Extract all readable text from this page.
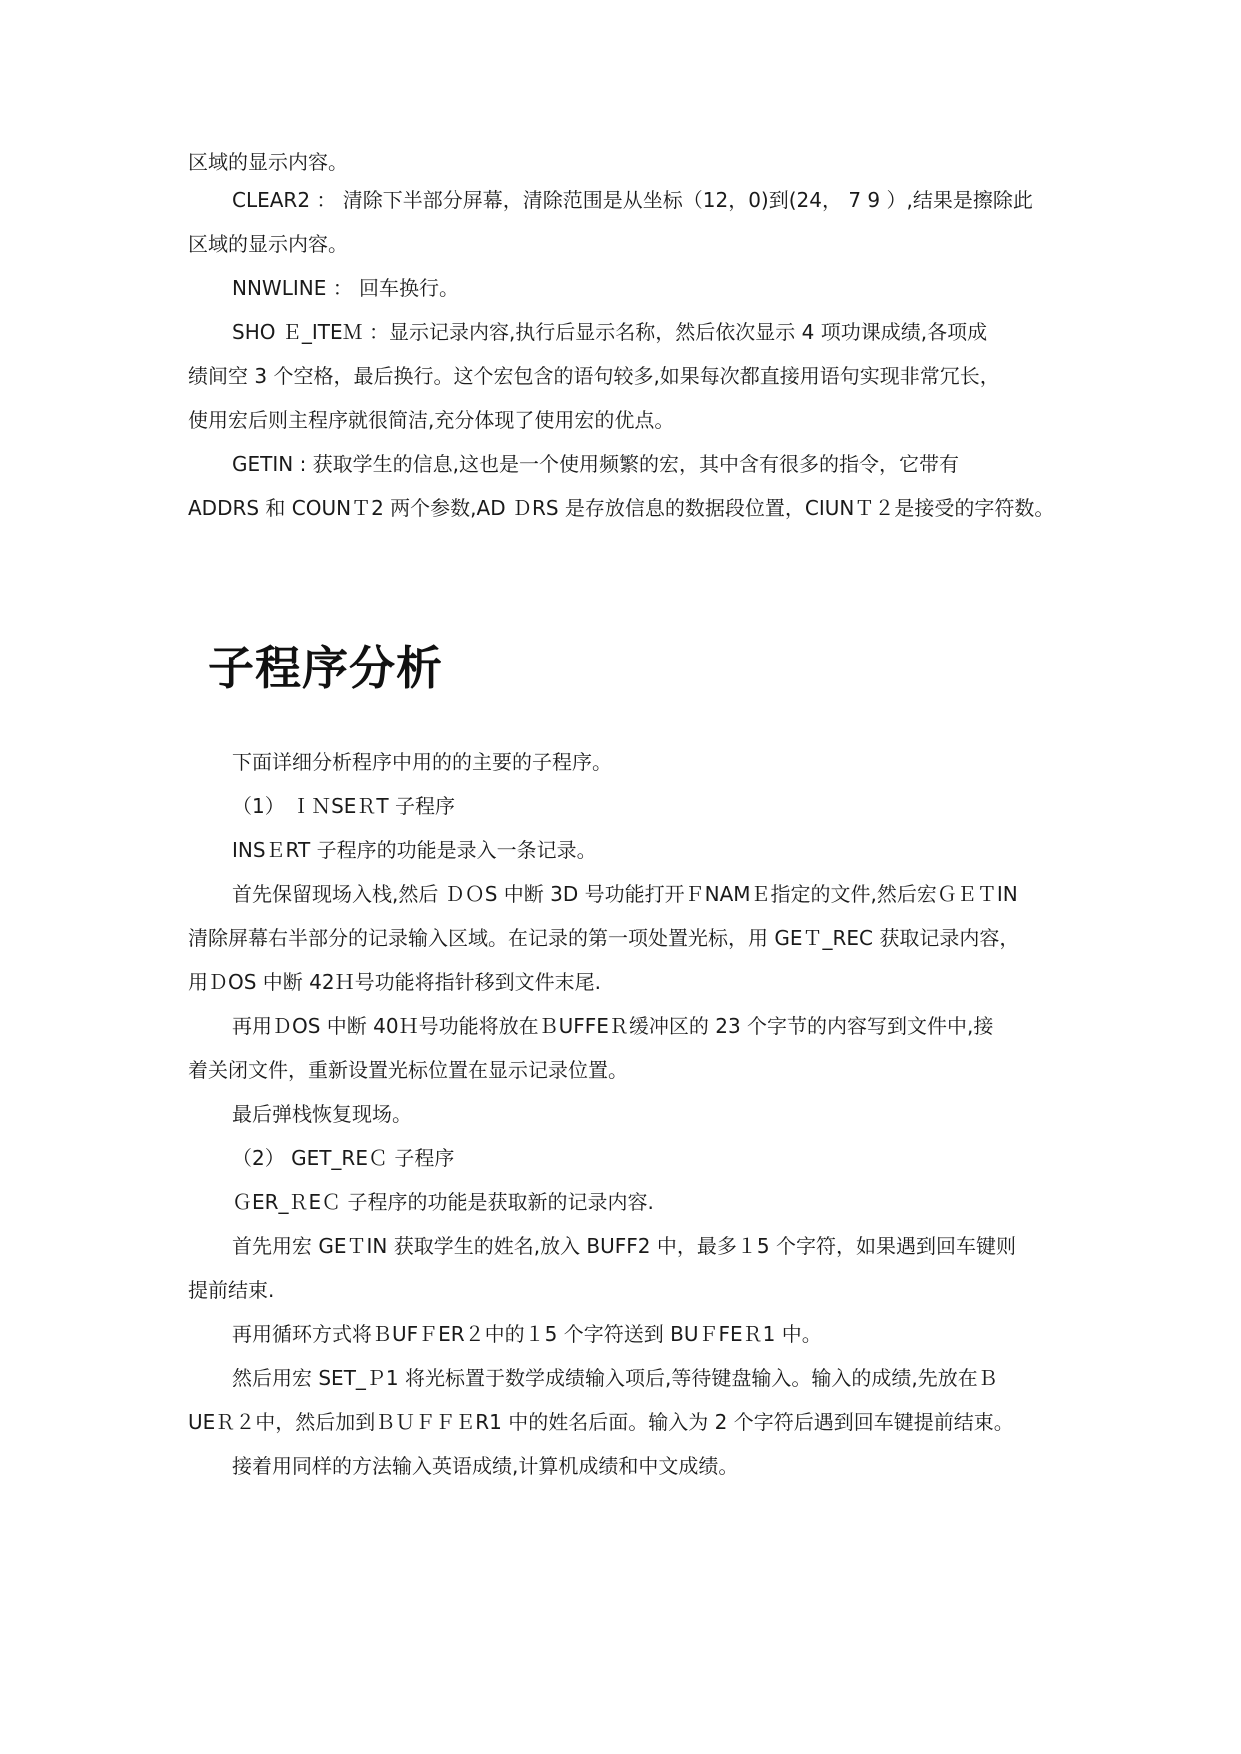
区域的显示内容。
CLEAR2 ： 清除下半部分屏幕，清除范围是从坐标（12，0)到(24， 7 9 ）,结果是擦除此
区域的显示内容。
NNWLINE ： 回车换行。
SHO Ｅ_ITEＭ ：显示记录内容,执行后显示名称，然后依次显示 4 项功课成绩,各项成
绩间空 3 个空格，最后换行。这个宏包含的语句较多,如果每次都直接用语句实现非常冗长，
使用宏后则主程序就很简洁,充分体现了使用宏的优点。
GETIN : 获取学生的信息,这也是一个使用频繁的宏，其中含有很多的指令，它带有
ADDRS 和 COUNＴ2 两个参数,AD ＤRS 是存放信息的数据段位置，CIUNＴ２是接受的字符数。
子程序分析
下面详细分析程序中用的的主要的子程序。
（1） ＩＮSEＲT 子程序
INSＥRT 子程序的功能是录入一条记录。
首先保留现场入栈,然后 ＤＯS 中断 3D 号功能打开ＦNAMＥ指定的文件,然后宏ＧＥＴIN
清除屏幕右半部分的记录输入区域。在记录的第一项处置光标，用 GEＴ_REC 获取记录内容，
用ＤOS 中断 42Ｈ号功能将指针移到文件末尾.
再用ＤOS 中断 40Ｈ号功能将放在ＢUFFEＲ缓冲区的 23 个字节的内容写到文件中,接
着关闭文件，重新设置光标位置在显示记录位置。
最后弹栈恢复现场。
（2） GET_REＣ 子程序
ＧER_ＲEＣ 子程序的功能是获取新的记录内容.
首先用宏 GEＴIN 获取学生的姓名,放入 BUFF2 中，最多１5 个字符，如果遇到回车键则
提前结束.
再用循环方式将ＢUFＦER２中的１5 个字符送到 BUＦFEＲ1 中。
然后用宏 SET_Ｐ1 将光标置于数学成绩输入项后,等待键盘输入。输入的成绩,先放在Ｂ
UEＲ２中，然后加到ＢＵＦＦＥR1 中的姓名后面。输入为 2 个字符后遇到回车键提前结束。
接着用同样的方法输入英语成绩,计算机成绩和中文成绩。
